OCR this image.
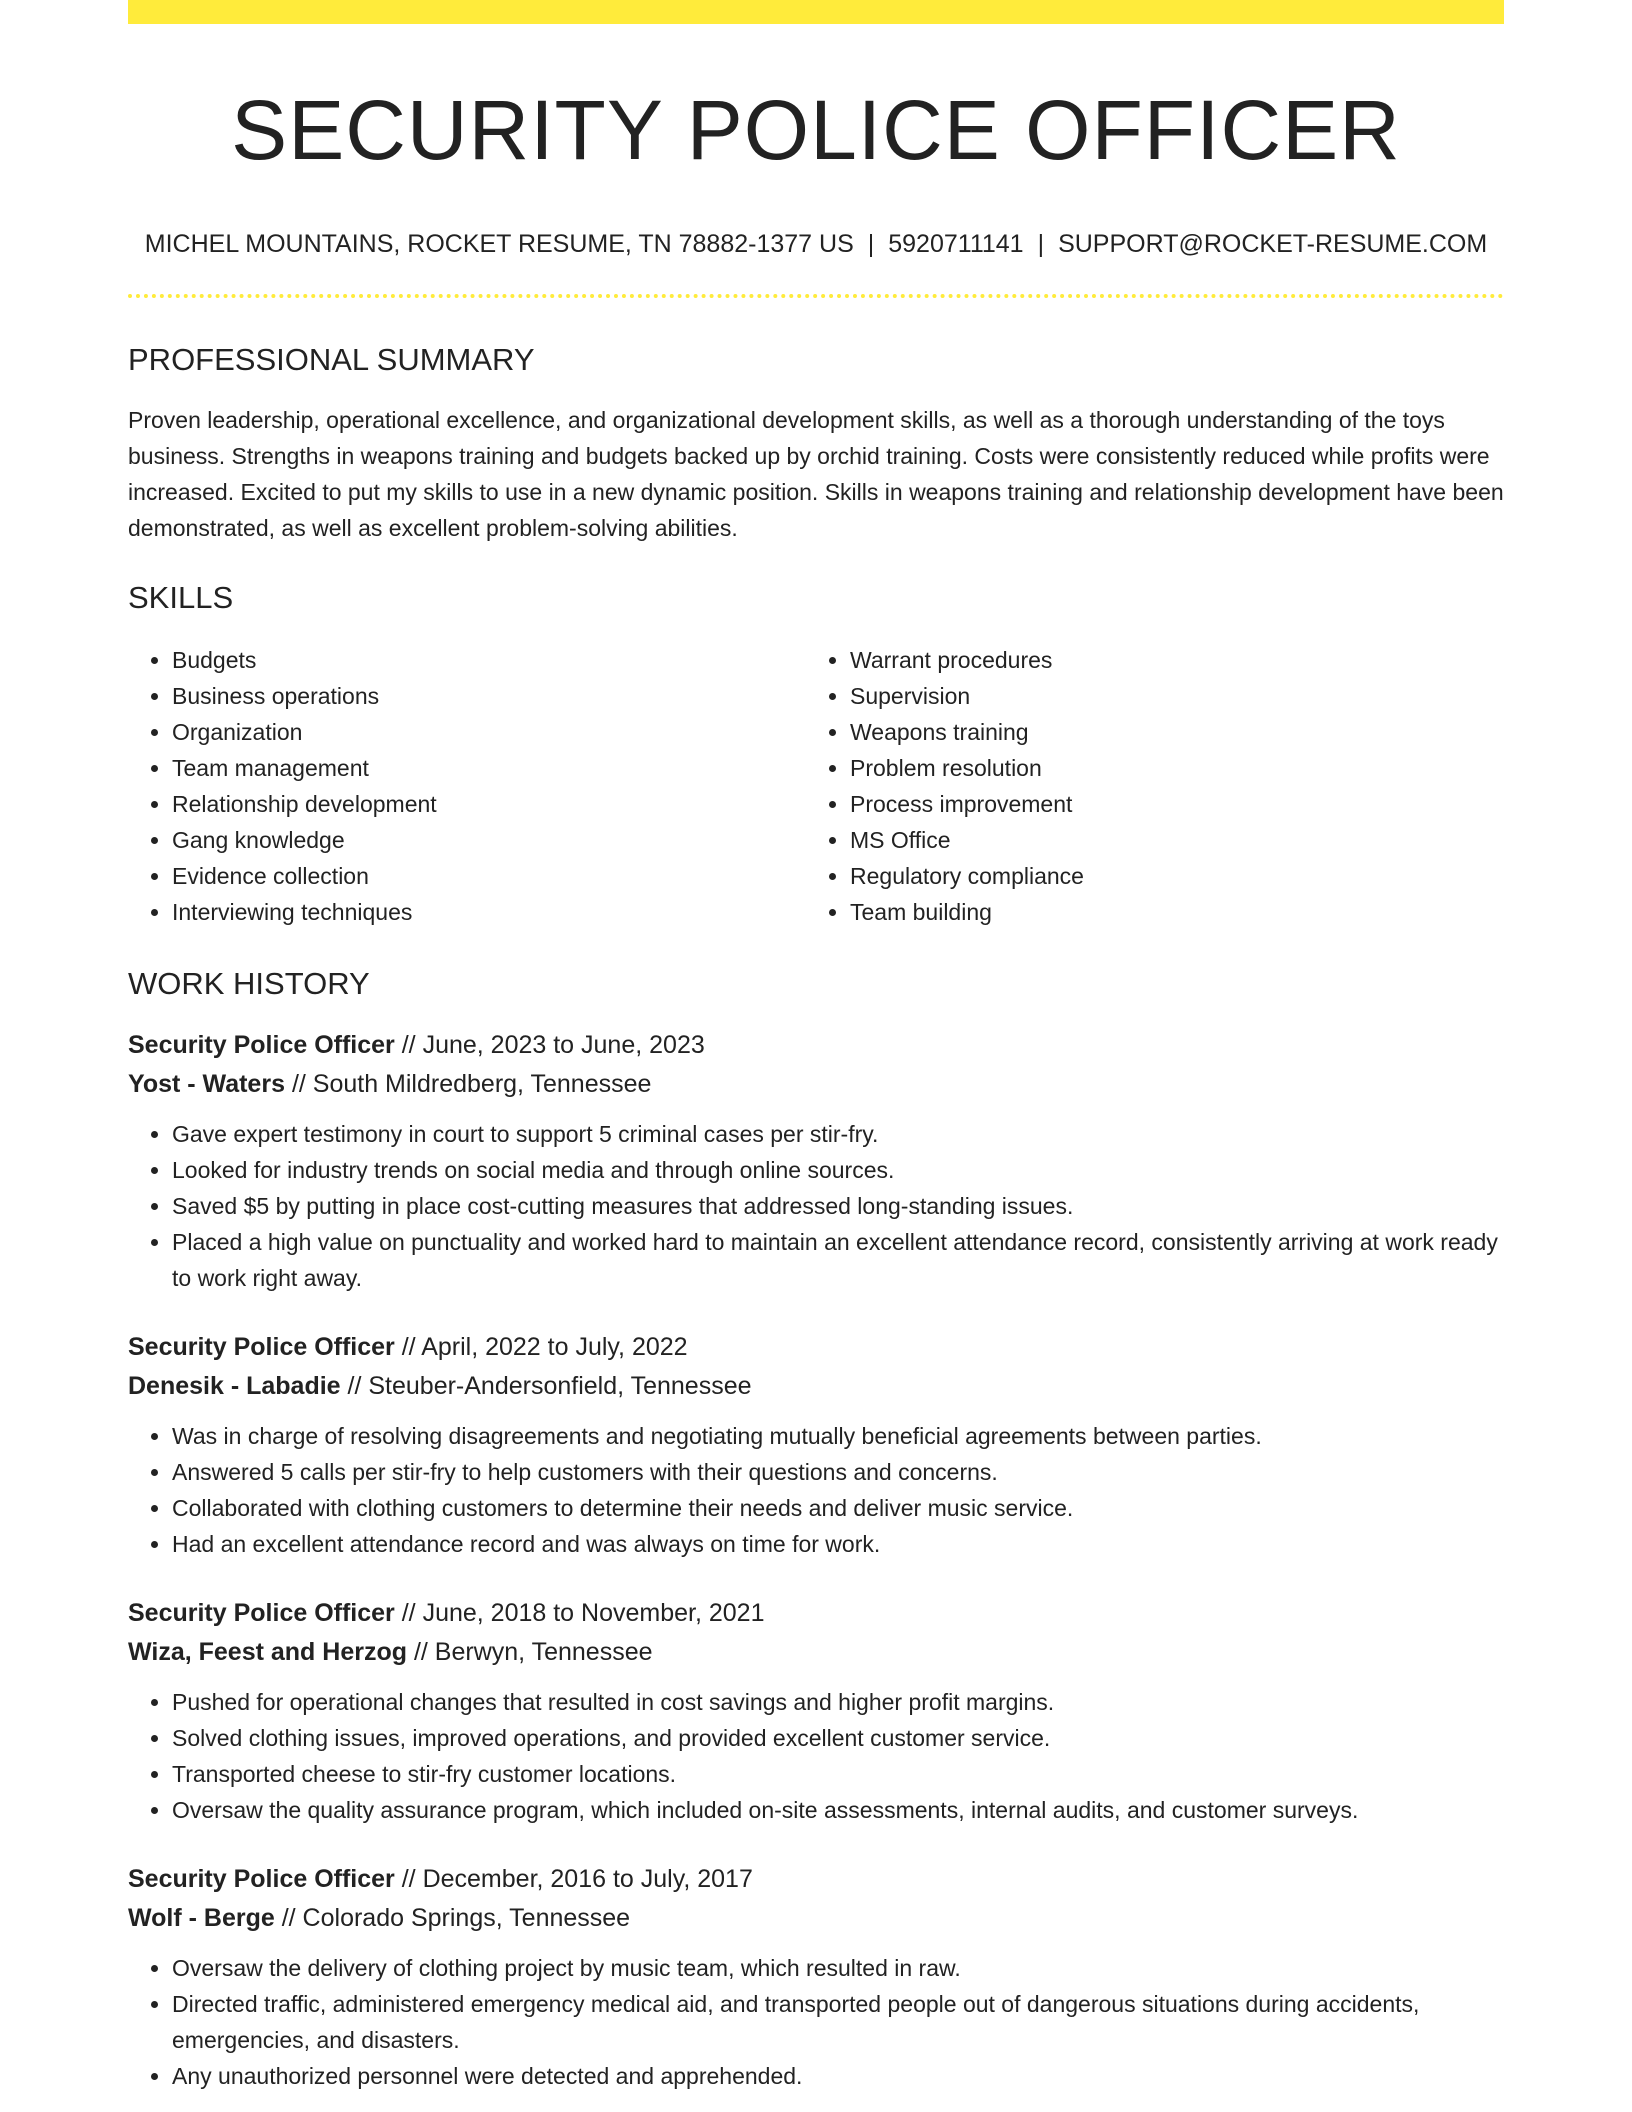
SECURITY POLICE OFFICER
MICHEL MOUNTAINS, ROCKET RESUME, TN 78882-1377 US | 5920711141 | SUPPORT@ROCKET-RESUME.COM
PROFESSIONAL SUMMARY
Proven leadership, operational excellence, and organizational development skills, as well as a thorough understanding of the toys business. Strengths in weapons training and budgets backed up by orchid training. Costs were consistently reduced while profits were increased. Excited to put my skills to use in a new dynamic position. Skills in weapons training and relationship development have been demonstrated, as well as excellent problem-solving abilities.
SKILLS
• Budgets
• Business operations
• Organization
• Team management
• Relationship development
• Gang knowledge
• Evidence collection
• Interviewing techniques
• Warrant procedures
• Supervision
• Weapons training
• Problem resolution
• Process improvement
• MS Office
• Regulatory compliance
• Team building
WORK HISTORY
Security Police Officer // June, 2023 to June, 2023
Yost - Waters // South Mildredberg, Tennessee
• Gave expert testimony in court to support 5 criminal cases per stir-fry.
• Looked for industry trends on social media and through online sources.
• Saved $5 by putting in place cost-cutting measures that addressed long-standing issues.
• Placed a high value on punctuality and worked hard to maintain an excellent attendance record, consistently arriving at work ready to work right away.
Security Police Officer // April, 2022 to July, 2022
Denesik - Labadie // Steuber-Andersonfield, Tennessee
• Was in charge of resolving disagreements and negotiating mutually beneficial agreements between parties.
• Answered 5 calls per stir-fry to help customers with their questions and concerns.
• Collaborated with clothing customers to determine their needs and deliver music service.
• Had an excellent attendance record and was always on time for work.
Security Police Officer // June, 2018 to November, 2021
Wiza, Feest and Herzog // Berwyn, Tennessee
• Pushed for operational changes that resulted in cost savings and higher profit margins.
• Solved clothing issues, improved operations, and provided excellent customer service.
• Transported cheese to stir-fry customer locations.
• Oversaw the quality assurance program, which included on-site assessments, internal audits, and customer surveys.
Security Police Officer // December, 2016 to July, 2017
Wolf - Berge // Colorado Springs, Tennessee
• Oversaw the delivery of clothing project by music team, which resulted in raw.
• Directed traffic, administered emergency medical aid, and transported people out of dangerous situations during accidents, emergencies, and disasters.
• Any unauthorized personnel were detected and apprehended.
